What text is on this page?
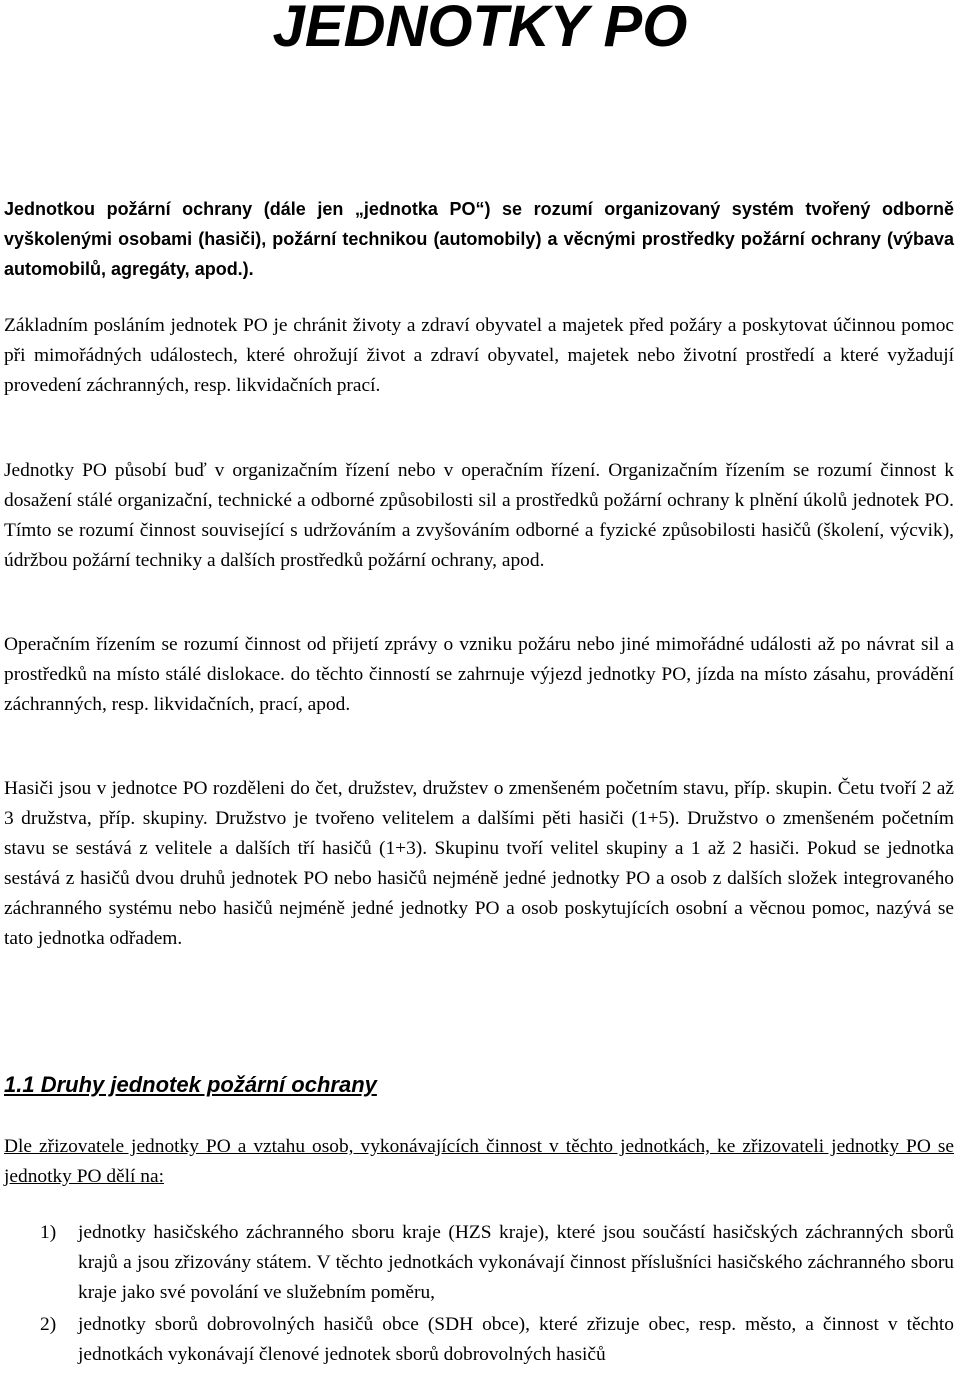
JEDNOTKY PO

Jednotkou požární ochrany (dále jen „jednotka PO“) se rozumí organizovaný systém tvořený odborně vyškolenými osobami (hasiči), požární technikou (automobily) a věcnými prostředky požární ochrany (výbava automobilů, agregáty, apod.).

Základním posláním jednotek PO je chránit životy a zdraví obyvatel a majetek před požáry a poskytovat účinnou pomoc při mimořádných událostech, které ohrožují život a zdraví obyvatel, majetek nebo životní prostředí a které vyžadují provedení záchranných, resp. likvidačních prací.

Jednotky PO působí buď v organizačním řízení nebo v operačním řízení. Organizačním řízením se rozumí činnost k dosažení stálé organizační, technické a odborné způsobilosti sil a prostředků požární ochrany k plnění úkolů jednotek PO. Tímto se rozumí činnost související s udržováním a zvyšováním odborné a fyzické způsobilosti hasičů (školení, výcvik), údržbou požární techniky a dalších prostředků požární ochrany, apod.

Operačním řízením se rozumí činnost od přijetí zprávy o vzniku požáru nebo jiné mimořádné události až po návrat sil a prostředků na místo stálé dislokace. do těchto činností se zahrnuje výjezd jednotky PO, jízda na místo zásahu, provádění záchranných, resp. likvidačních, prací, apod.

Hasiči jsou v jednotce PO rozděleni do čet, družstev, družstev o zmenšeném početním stavu, příp. skupin. Četu tvoří 2 až 3 družstva, příp. skupiny. Družstvo je tvořeno velitelem a dalšími pěti hasiči (1+5). Družstvo o zmenšeném početním stavu se sestává z velitele a dalších tří hasičů (1+3). Skupinu tvoří velitel skupiny a 1 až 2 hasiči. Pokud se jednotka sestává z hasičů dvou druhů jednotek PO nebo hasičů nejméně jedné jednotky PO a osob z dalších složek integrovaného záchranného systému nebo hasičů nejméně jedné jednotky PO a osob poskytujících osobní a věcnou pomoc, nazývá se tato jednotka odřadem.

1.1 Druhy jednotek požární ochrany

Dle zřizovatele jednotky PO a vztahu osob, vykonávajících činnost v těchto jednotkách, ke zřizovateli jednotky PO se jednotky PO dělí na:

1)	jednotky hasičského záchranného sboru kraje (HZS kraje), které jsou součástí hasičských záchranných sborů krajů a jsou zřizovány státem. V těchto jednotkách vykonávají činnost příslušníci hasičského záchranného sboru kraje jako své povolání ve služebním poměru,
2)	jednotky sborů dobrovolných hasičů obce (SDH obce), které zřizuje obec, resp. město, a činnost v těchto jednotkách vykonávají členové jednotek sborů dobrovolných hasičů
